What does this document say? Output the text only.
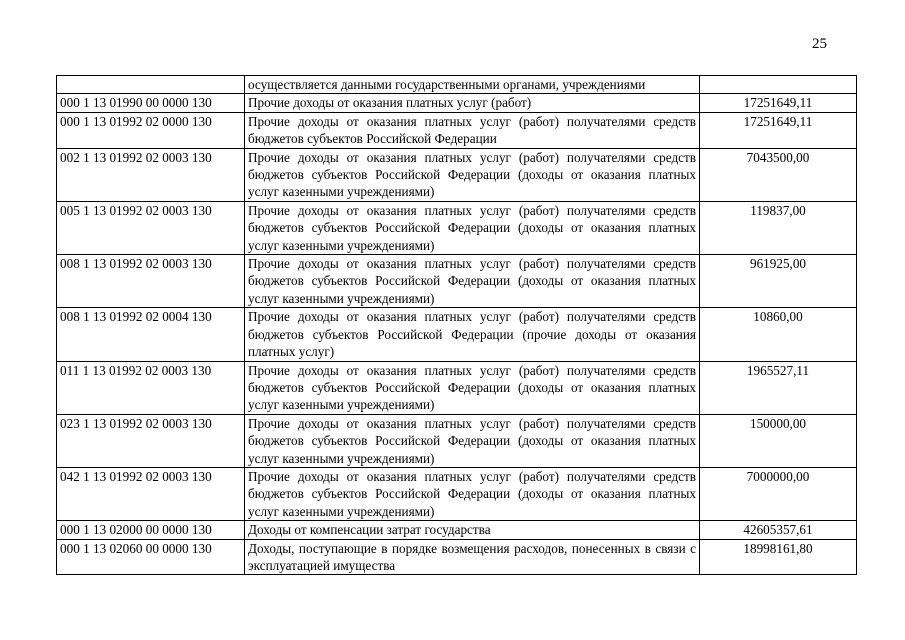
25
	осуществляется данными государственными органами, учреждениями	
000 1 13 01990 00 0000 130	Прочие доходы от оказания платных услуг (работ)	17251649,11
000 1 13 01992 02 0000 130	Прочие доходы от оказания платных услуг (работ) получателями средств бюджетов субъектов Российской Федерации	17251649,11
002 1 13 01992 02 0003 130	Прочие доходы от оказания платных услуг (работ) получателями средств бюджетов субъектов Российской Федерации (доходы от оказания платных услуг казенными учреждениями)	7043500,00
005 1 13 01992 02 0003 130	Прочие доходы от оказания платных услуг (работ) получателями средств бюджетов субъектов Российской Федерации (доходы от оказания платных услуг казенными учреждениями)	119837,00
008 1 13 01992 02 0003 130	Прочие доходы от оказания платных услуг (работ) получателями средств бюджетов субъектов Российской Федерации (доходы от оказания платных услуг казенными учреждениями)	961925,00
008 1 13 01992 02 0004 130	Прочие доходы от оказания платных услуг (работ) получателями средств бюджетов субъектов Российской Федерации (прочие доходы от оказания платных услуг)	10860,00
011 1 13 01992 02 0003 130	Прочие доходы от оказания платных услуг (работ) получателями средств бюджетов субъектов Российской Федерации (доходы от оказания платных услуг казенными учреждениями)	1965527,11
023 1 13 01992 02 0003 130	Прочие доходы от оказания платных услуг (работ) получателями средств бюджетов субъектов Российской Федерации (доходы от оказания платных услуг казенными учреждениями)	150000,00
042 1 13 01992 02 0003 130	Прочие доходы от оказания платных услуг (работ) получателями средств бюджетов субъектов Российской Федерации (доходы от оказания платных услуг казенными учреждениями)	7000000,00
000 1 13 02000 00 0000 130	Доходы от компенсации затрат государства	42605357,61
000 1 13 02060 00 0000 130	Доходы, поступающие в порядке возмещения расходов, понесенных в связи с эксплуатацией имущества	18998161,80
